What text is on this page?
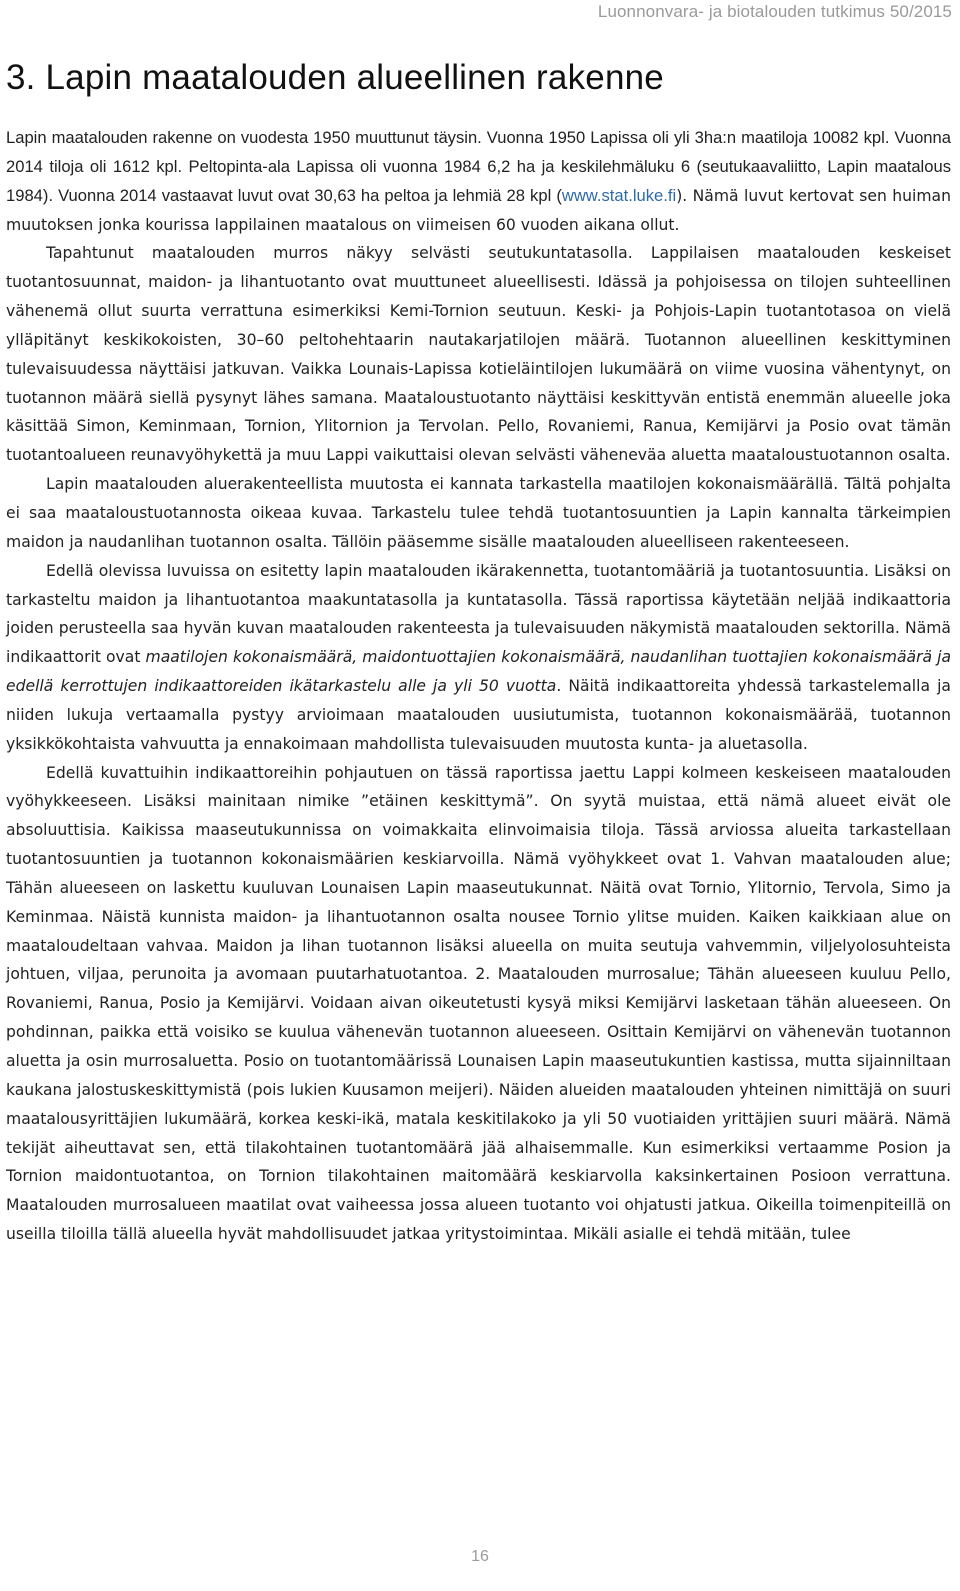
Luonnonvara- ja biotalouden tutkimus 50/2015
3. Lapin maatalouden alueellinen rakenne

Lapin maatalouden rakenne on vuodesta 1950 muuttunut täysin. Vuonna 1950 Lapissa oli yli 3ha:n maatiloja 10082 kpl. Vuonna 2014 tiloja oli 1612 kpl. Peltopinta-ala Lapissa oli vuonna 1984 6,2 ha ja keskilehmäluku 6 (seutukaavaliitto, Lapin maatalous 1984). Vuonna 2014 vastaavat luvut ovat 30,63 ha peltoa ja lehmiä 28 kpl (www.stat.luke.fi). Nämä luvut kertovat sen huiman muutoksen jonka kourissa lappilainen maatalous on viimeisen 60 vuoden aikana ollut.

Tapahtunut maatalouden murros näkyy selvästi seutukuntatasolla. Lappilaisen maatalouden keskeiset tuotantosuunnat, maidon- ja lihantuotanto ovat muuttuneet alueellisesti. Idässä ja pohjoisessa on tilojen suhteellinen vähenemä ollut suurta verrattuna esimerkiksi Kemi-Tornion seutuun. Keski- ja Pohjois-Lapin tuotantotasoa on vielä ylläpitänyt keskikokoisten, 30–60 peltohehtaarin nautakarjatilojen määrä. Tuotannon alueellinen keskittyminen tulevaisuudessa näyttäisi jatkuvan. Vaikka Lounais-Lapissa kotieläintilojen lukumäärä on viime vuosina vähentynyt, on tuotannon määrä siellä pysynyt lähes samana. Maataloustuotanto näyttäisi keskittyvän entistä enemmän alueelle joka käsittää Simon, Keminmaan, Tornion, Ylitornion ja Tervolan. Pello, Rovaniemi, Ranua, Kemijärvi ja Posio ovat tämän tuotantoalueen reunavyöhykettä ja muu Lappi vaikuttaisi olevan selvästi väheneväa aluetta maataloustuotannon osalta.

Lapin maatalouden aluerakenteellista muutosta ei kannata tarkastella maatilojen kokonaismäärällä. Tältä pohjalta ei saa maataloustuotannosta oikeaa kuvaa. Tarkastelu tulee tehdä tuotantosuuntien ja Lapin kannalta tärkeimpien maidon ja naudanlihan tuotannon osalta. Tällöin pääsemme sisälle maatalouden alueelliseen rakenteeseen.

Edellä olevissa luvuissa on esitetty lapin maatalouden ikärakennetta, tuotantomääriä ja tuotantosuuntia. Lisäksi on tarkasteltu maidon ja lihantuotantoa maakuntatasolla ja kuntatasolla. Tässä raportissa käytetään neljää indikaattoria joiden perusteella saa hyvän kuvan maatalouden rakenteesta ja tulevaisuuden näkymistä maatalouden sektorilla. Nämä indikaattorit ovat maatilojen kokonaismäärä, maidontuottajien kokonaismäärä, naudanlihan tuottajien kokonaismäärä ja edellä kerrottujen indikaattoreiden ikätarkastelu alle ja yli 50 vuotta. Näitä indikaattoreita yhdessä tarkastelemalla ja niiden lukuja vertaamalla pystyy arvioimaan maatalouden uusiutumista, tuotannon kokonaismäärää, tuotannon yksikkökohtaista vahvuutta ja ennakoimaan mahdollista tulevaisuuden muutosta kunta- ja aluetasolla.

Edellä kuvattuihin indikaattoreihin pohjautuen on tässä raportissa jaettu Lappi kolmeen keskeiseen maatalouden vyöhykkeeseen. Lisäksi mainitaan nimike ”etäinen keskittymä”. On syytä muistaa, että nämä alueet eivät ole absoluuttisia. Kaikissa maaseutukunnissa on voimakkaita elinvoimaisia tiloja. Tässä arviossa alueita tarkastellaan tuotantosuuntien ja tuotannon kokonaismäärien keskiarvoilla. Nämä vyöhykkeet ovat 1. Vahvan maatalouden alue; Tähän alueeseen on laskettu kuuluvan Lounaisen Lapin maaseutukunnat. Näitä ovat Tornio, Ylitornio, Tervola, Simo ja Keminmaa. Näistä kunnista maidon- ja lihantuotannon osalta nousee Tornio ylitse muiden. Kaiken kaikkiaan alue on maataloudeltaan vahvaa. Maidon ja lihan tuotannon lisäksi alueella on muita seutuja vahvemmin, viljelyolosuhteista johtuen, viljaa, perunoita ja avomaan puutarhatuotantoa. 2. Maatalouden murrosalue; Tähän alueeseen kuuluu Pello, Rovaniemi, Ranua, Posio ja Kemijärvi. Voidaan aivan oikeutetusti kysyä miksi Kemijärvi lasketaan tähän alueeseen. On pohdinnan, paikka että voisiko se kuulua vähenevän tuotannon alueeseen. Osittain Kemijärvi on vähenevän tuotannon aluetta ja osin murrosaluetta. Posio on tuotantomäärissä Lounaisen Lapin maaseutukuntien kastissa, mutta sijainniltaan kaukana jalostuskeskittymistä (pois lukien Kuusamon meijeri). Näiden alueiden maatalouden yhteinen nimittäjä on suuri maatalousyrittäjien lukumäärä, korkea keski-ikä, matala keskitilakoko ja yli 50 vuotiaiden yrittäjien suuri määrä. Nämä tekijät aiheuttavat sen, että tilakohtainen tuotantomäärä jää alhaisemmalle. Kun esimerkiksi vertaamme Posion ja Tornion maidontuotantoa, on Tornion tilakohtainen maitomäärä keskiarvolla kaksinkertainen Posioon verrattuna. Maatalouden murrosalueen maatilat ovat vaiheessa jossa alueen tuotanto voi ohjatusti jatkua. Oikeilla toimenpiteillä on useilla tiloilla tällä alueella hyvät mahdollisuudet jatkaa yritystoimintaa. Mikäli asialle ei tehdä mitään, tulee

16
